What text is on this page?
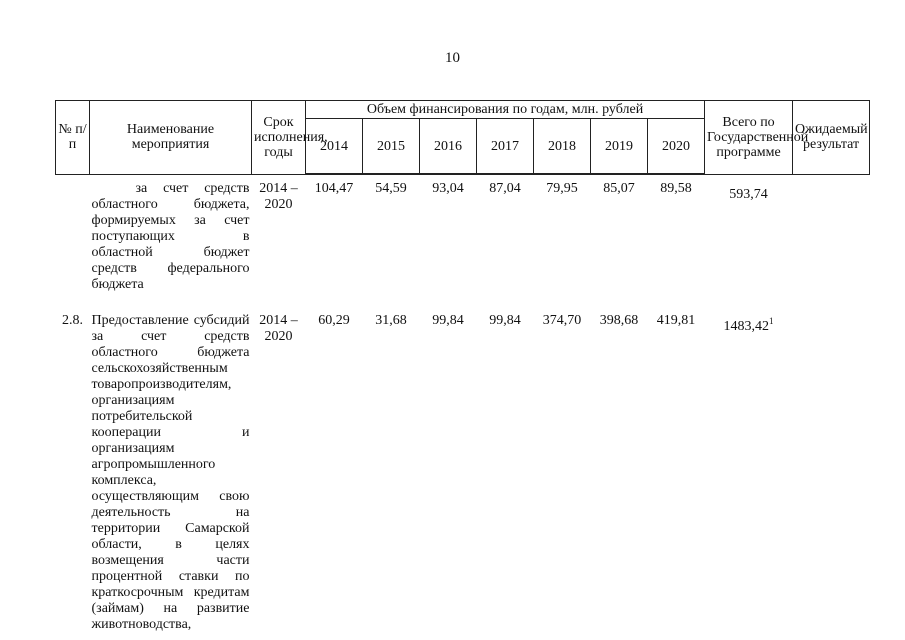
10
№ п/п	Наименование мероприятия	Срок исполнения, годы	Объем финансирования по годам, млн. рублей							Всего по Государственной программе	Ожидаемый результат
			2014	2015	2016	2017	2018	2019	2020		
	за счет средств областного бюджета, формируемых за счет поступающих в областной бюджет средств федерального бюджета	2014 – 2020	104,47	54,59	93,04	87,04	79,95	85,07	89,58	593,74	
2.8.	Предоставление субсидий за счет средств областного бюджета сельскохозяйственным товаропроизводителям, организациям потребительской кооперации и организациям агропромышленного комплекса, осуществляющим свою деятельность на территории Самарской области, в целях возмещения части процентной ставки по краткосрочным кредитам (займам) на развитие животноводства,	2014 – 2020	60,29	31,68	99,84	99,84	374,70	398,68	419,81	1483,42$^1$	
